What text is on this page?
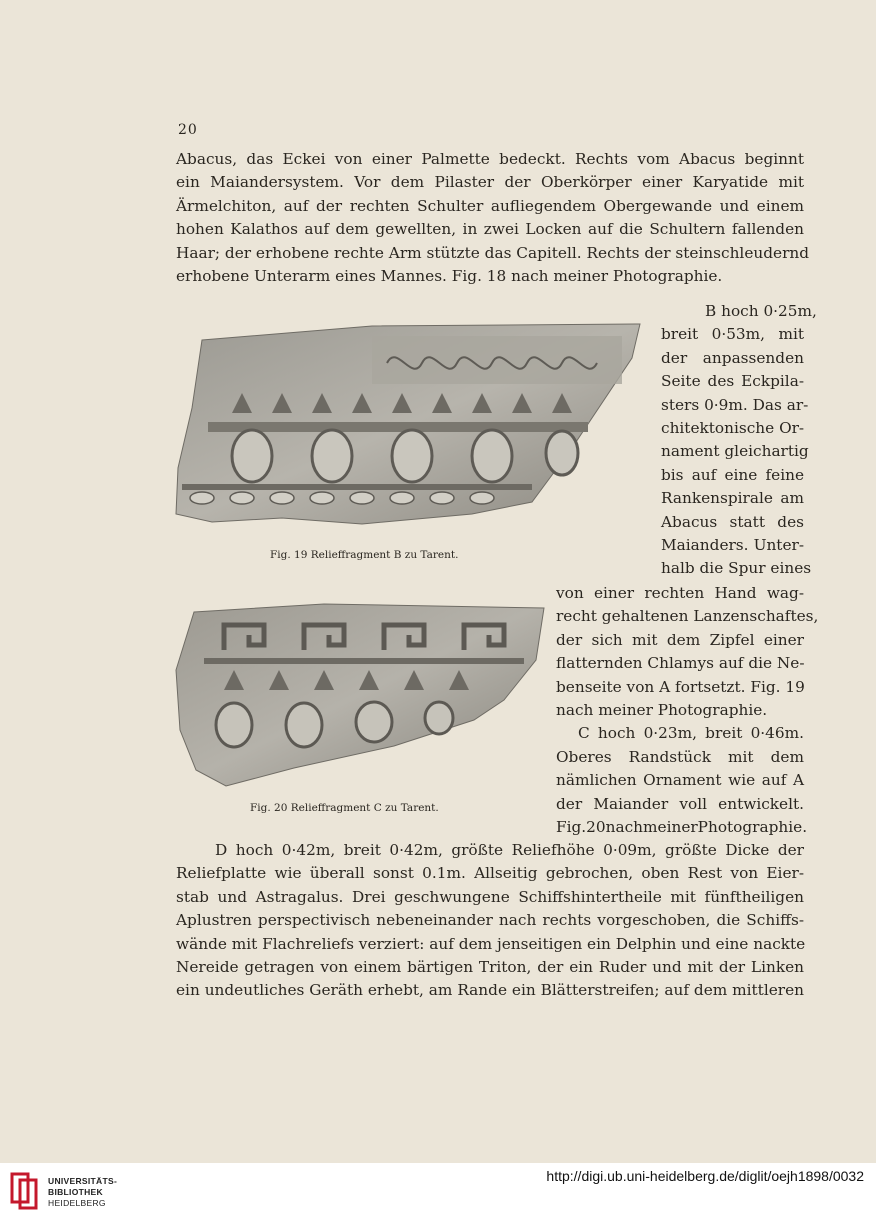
20
Abacus, das Eckei von einer Palmette bedeckt. Rechts vom Abacus beginnt
ein Maiandersystem. Vor dem Pilaster der Oberkörper einer Karyatide mit
Ärmelchiton, auf der rechten Schulter aufliegendem Obergewande und einem
hohen Kalathos auf dem gewellten, in zwei Locken auf die Schultern fallenden
Haar; der erhobene rechte Arm stützte das Capitell. Rechts der steinschleudernd
erhobene Unterarm eines Mannes. Fig. 18 nach meiner Photographie.
B hoch 0·25m,
breit 0·53m, mit
der anpassenden
Seite des Eckpila-
sters 0·9m. Das ar-
chitektonische Or-
nament gleichartig
bis auf eine feine
Rankenspirale am
Abacus statt des
Maianders. Unter-
halb die Spur eines
von einer rechten Hand wag-
recht gehaltenen Lanzenschaftes,
der sich mit dem Zipfel einer
flatternden Chlamys auf die Ne-
benseite von A fortsetzt. Fig. 19
nach meiner Photographie.
C hoch 0·23m, breit 0·46m.
Oberes Randstück mit dem
nämlichen Ornament wie auf A
der Maiander voll entwickelt.
Fig.20nachmeinerPhotographie.
D hoch 0·42m, breit 0·42m, größte Reliefhöhe 0·09m, größte Dicke der
Reliefplatte wie überall sonst 0.1m. Allseitig gebrochen, oben Rest von Eier-
stab und Astragalus. Drei geschwungene Schiffshintertheile mit fünftheiligen
Aplustren perspectivisch nebeneinander nach rechts vorgeschoben, die Schiffs-
wände mit Flachreliefs verziert: auf dem jenseitigen ein Delphin und eine nackte
Nereide getragen von einem bärtigen Triton, der ein Ruder und mit der Linken
ein undeutliches Geräth erhebt, am Rande ein Blätterstreifen; auf dem mittleren
Fig. 19 Relieffragment B zu Tarent.
Fig. 20 Relieffragment C zu Tarent.
UNIVERSITÄTS-
BIBLIOTHEK
HEIDELBERG
http://digi.ub.uni-heidelberg.de/diglit/oejh1898/0032
